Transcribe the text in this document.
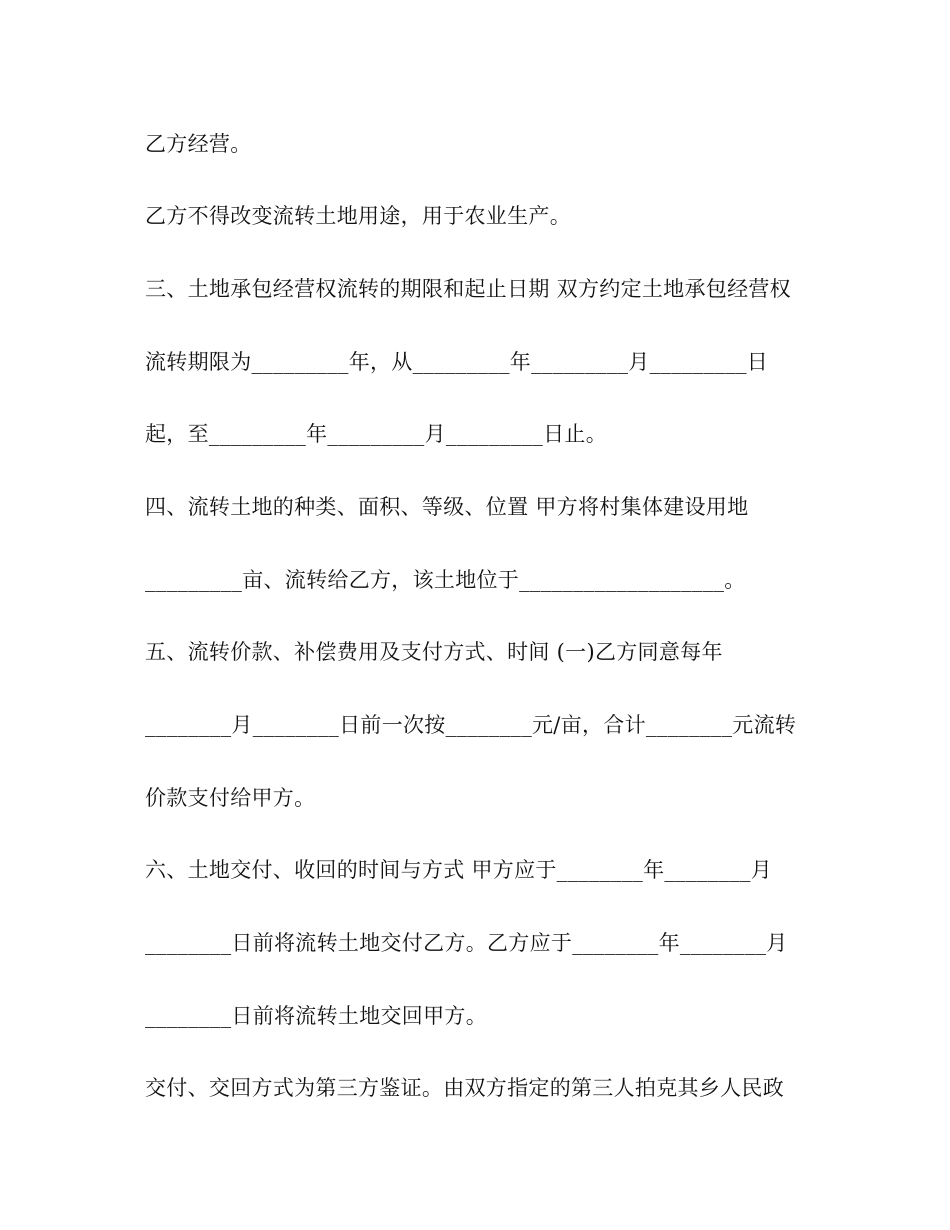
乙方经营。
乙方不得改变流转土地用途，用于农业生产。
三、土地承包经营权流转的期限和起止日期 双方约定土地承包经营权
流转期限为_________年，从_________年_________月_________日
起，至_________年_________月_________日止。
四、流转土地的种类、面积、等级、位置 甲方将村集体建设用地
_________亩、流转给乙方，该土地位于___________________。
五、流转价款、补偿费用及支付方式、时间 (一)乙方同意每年
________月________日前一次按________元/亩，合计________元流转
价款支付给甲方。
六、土地交付、收回的时间与方式 甲方应于________年________月
________日前将流转土地交付乙方。乙方应于________年________月
________日前将流转土地交回甲方。
交付、交回方式为第三方鉴证。由双方指定的第三人拍克其乡人民政
